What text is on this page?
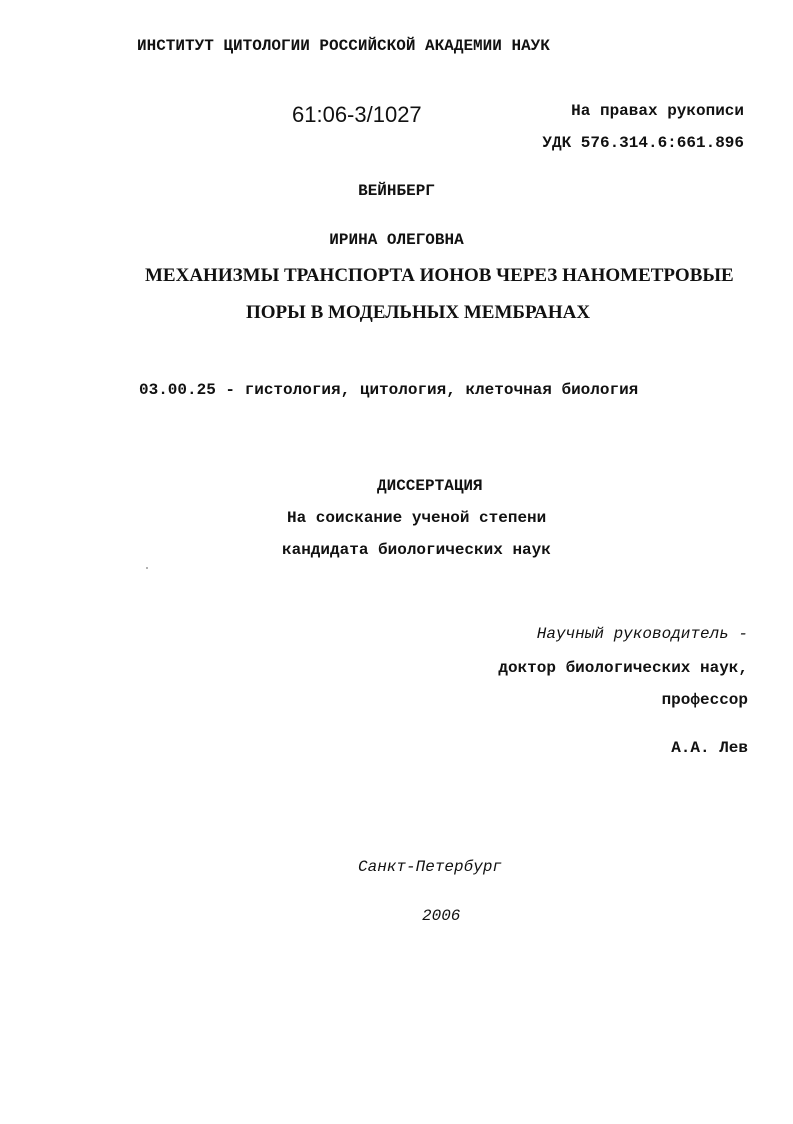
ИНСТИТУТ ЦИТОЛОГИИ РОССИЙСКОЙ АКАДЕМИИ НАУК
61:06-3/1027	На правах рукописи
УДК 576.314.6:661.896
ВЕЙНБЕРГ
ИРИНА ОЛЕГОВНА
МЕХАНИЗМЫ ТРАНСПОРТА ИОНОВ ЧЕРЕЗ НАНОМЕТРОВЫЕ
ПОРЫ В МОДЕЛЬНЫХ МЕМБРАНАХ
03.00.25 - гистология, цитология, клеточная биология
ДИССЕРТАЦИЯ
На соискание ученой степени
кандидата биологических наук
Научный руководитель -
доктор биологических наук,
профессор
А.А. Лев
Санкт-Петербург
2006
